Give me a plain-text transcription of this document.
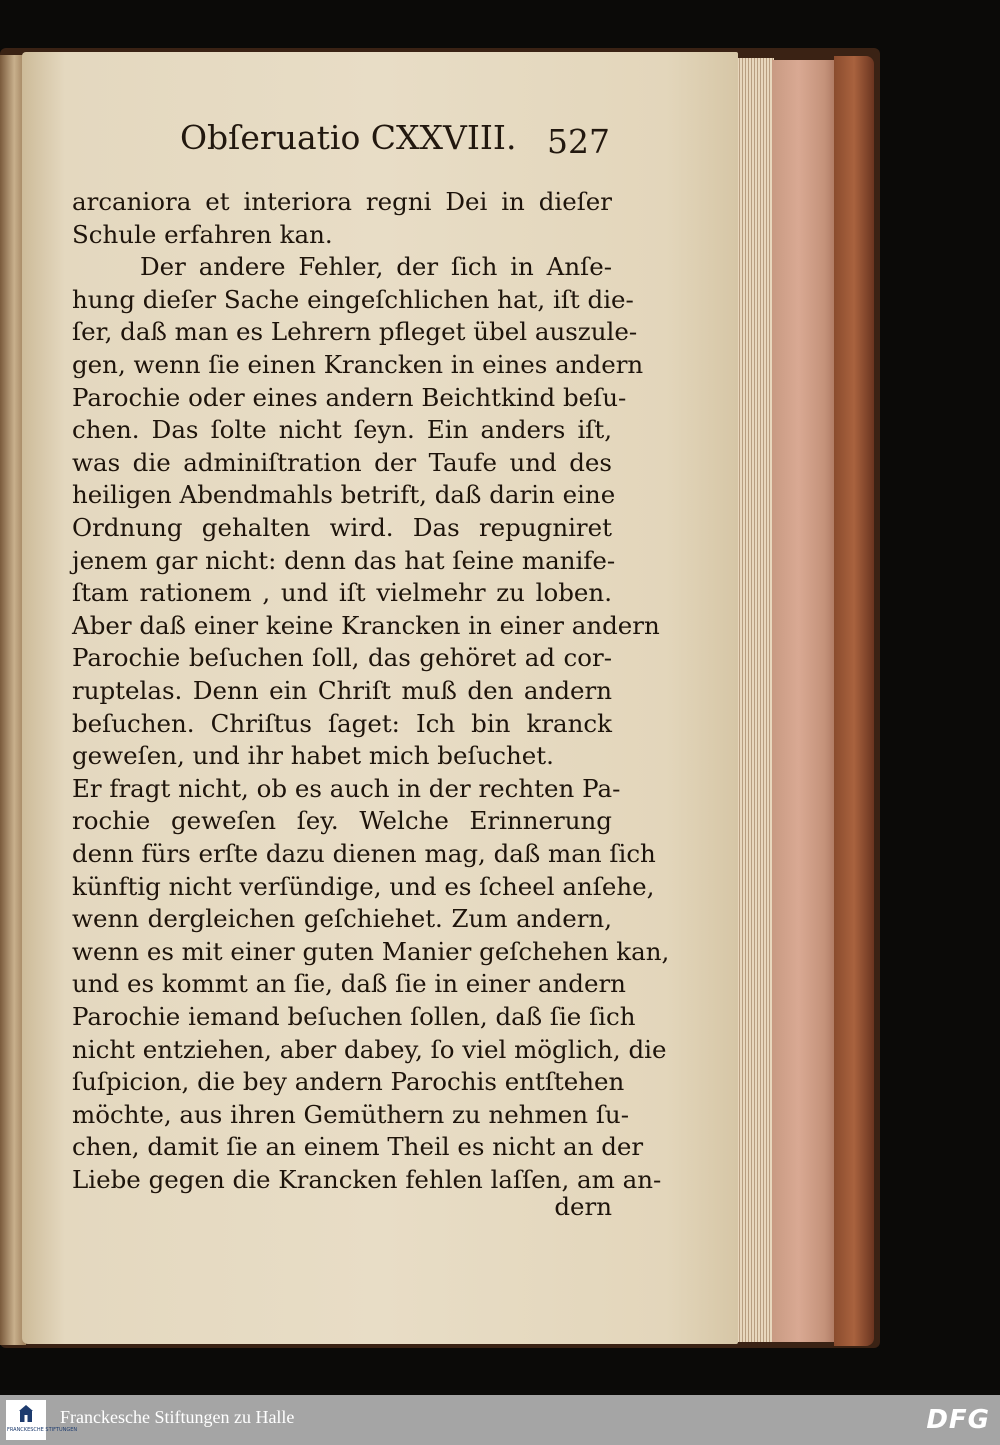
Obſeruatio CXXVIII. 527
arcaniora et interiora regni Dei in dieſer
Schule erfahren kan.
Der andere Fehler, der ſich in Anſe-
hung dieſer Sache eingeſchlichen hat, iſt die-
ſer, daß man es Lehrern pfleget übel auszule-
gen, wenn ſie einen Krancken in eines andern
Parochie oder eines andern Beichtkind beſu-
chen. Das ſolte nicht ſeyn. Ein anders iſt,
was die adminiſtration der Taufe und des
heiligen Abendmahls betrift, daß darin eine
Ordnung gehalten wird. Das repugniret
jenem gar nicht: denn das hat ſeine manife-
ſtam rationem , und iſt vielmehr zu loben.
Aber daß einer keine Krancken in einer andern
Parochie beſuchen ſoll, das gehöret ad cor-
ruptelas. Denn ein Chriſt muß den andern
beſuchen. Chriſtus ſaget: Ich bin kranck
geweſen, und ihr habet mich beſuchet.
Er fragt nicht, ob es auch in der rechten Pa-
rochie geweſen ſey. Welche Erinnerung
denn fürs erſte dazu dienen mag, daß man ſich
künftig nicht verſündige, und es ſcheel anſehe,
wenn dergleichen geſchiehet. Zum andern,
wenn es mit einer guten Manier geſchehen kan,
und es kommt an ſie, daß ſie in einer andern
Parochie iemand beſuchen ſollen, daß ſie ſich
nicht entziehen, aber dabey, ſo viel möglich, die
ſuſpicion, die bey andern Parochis entſtehen
möchte, aus ihren Gemüthern zu nehmen ſu-
chen, damit ſie an einem Theil es nicht an der
Liebe gegen die Krancken fehlen laſſen, am an-
dern
FRANCKESCHE STIFTUNGEN
Franckesche Stiftungen zu Halle	DFG
